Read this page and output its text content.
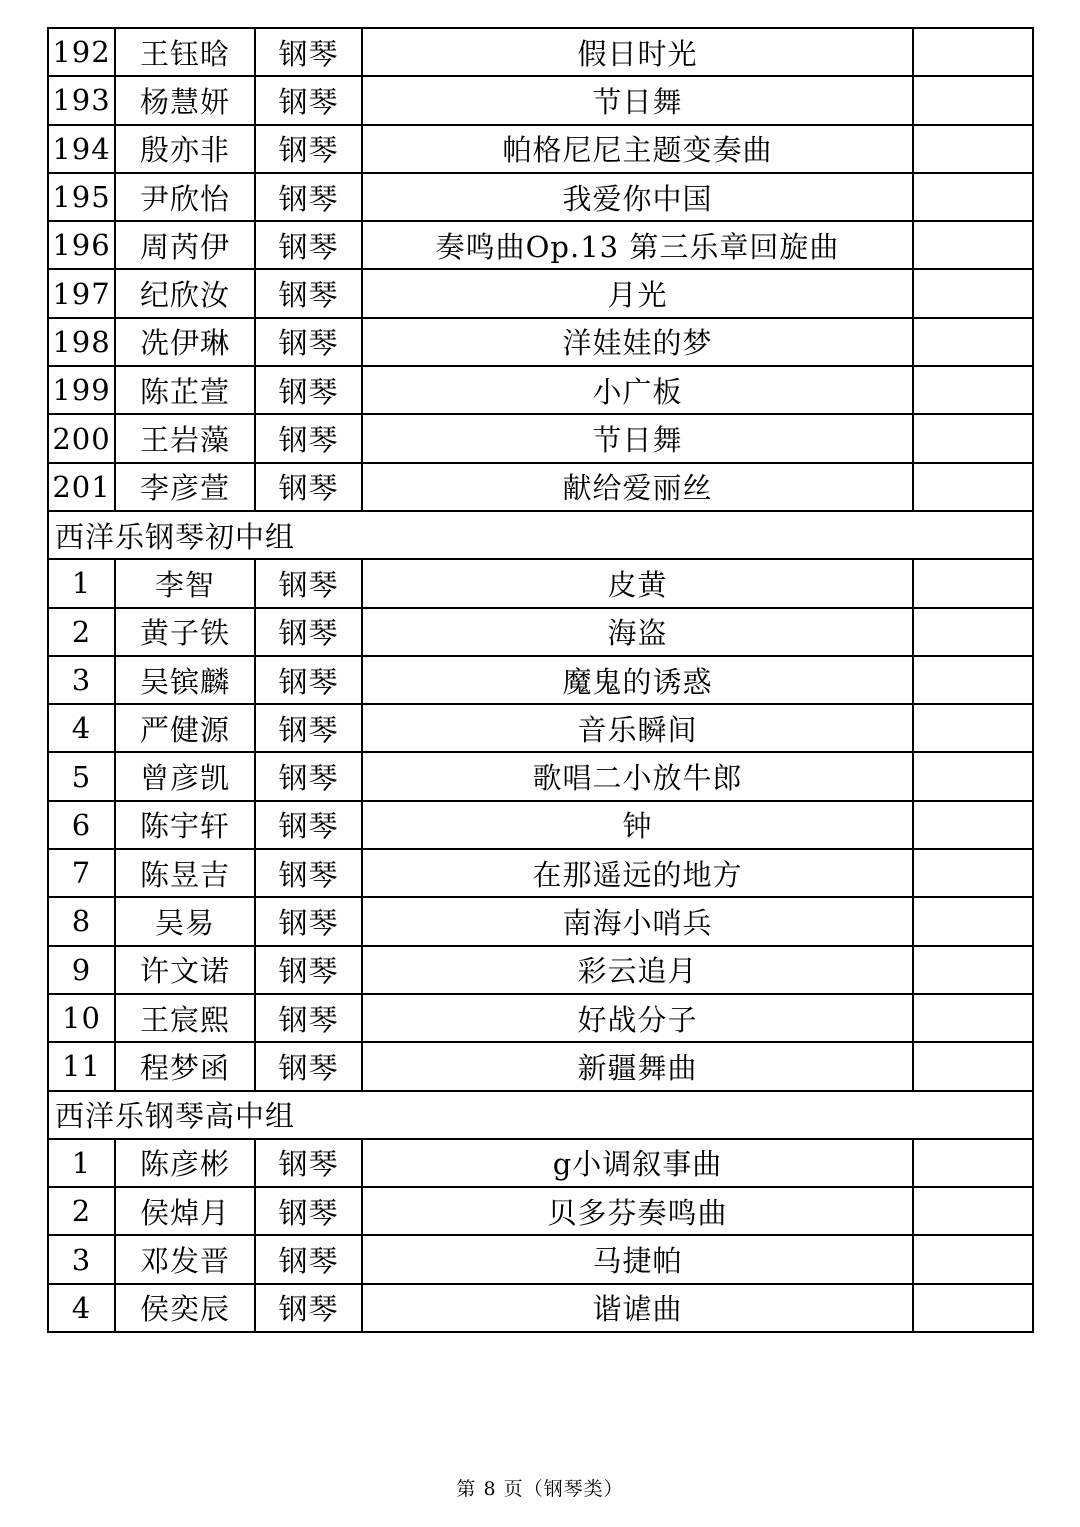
192	王钰晗	钢琴	假日时光	
193	杨慧妍	钢琴	节日舞	
194	殷亦非	钢琴	帕格尼尼主题变奏曲	
195	尹欣怡	钢琴	我爱你中国	
196	周芮伊	钢琴	奏鸣曲Op.13 第三乐章回旋曲	
197	纪欣汝	钢琴	月光	
198	冼伊琳	钢琴	洋娃娃的梦	
199	陈芷萱	钢琴	小广板	
200	王岩藻	钢琴	节日舞	
201	李彦萱	钢琴	献给爱丽丝	
西洋乐钢琴初中组				
1	李智	钢琴	皮黄	
2	黄子铁	钢琴	海盗	
3	吴镔麟	钢琴	魔鬼的诱惑	
4	严健源	钢琴	音乐瞬间	
5	曾彦凯	钢琴	歌唱二小放牛郎	
6	陈宇轩	钢琴	钟	
7	陈昱吉	钢琴	在那遥远的地方	
8	吴易	钢琴	南海小哨兵	
9	许文诺	钢琴	彩云追月	
10	王宸熙	钢琴	好战分子	
11	程梦函	钢琴	新疆舞曲	
西洋乐钢琴高中组				
1	陈彦彬	钢琴	g小调叙事曲	
2	侯焯月	钢琴	贝多芬奏鸣曲	
3	邓发晋	钢琴	马捷帕	
4	侯奕辰	钢琴	谐谑曲	
第 8 页（钢琴类）
